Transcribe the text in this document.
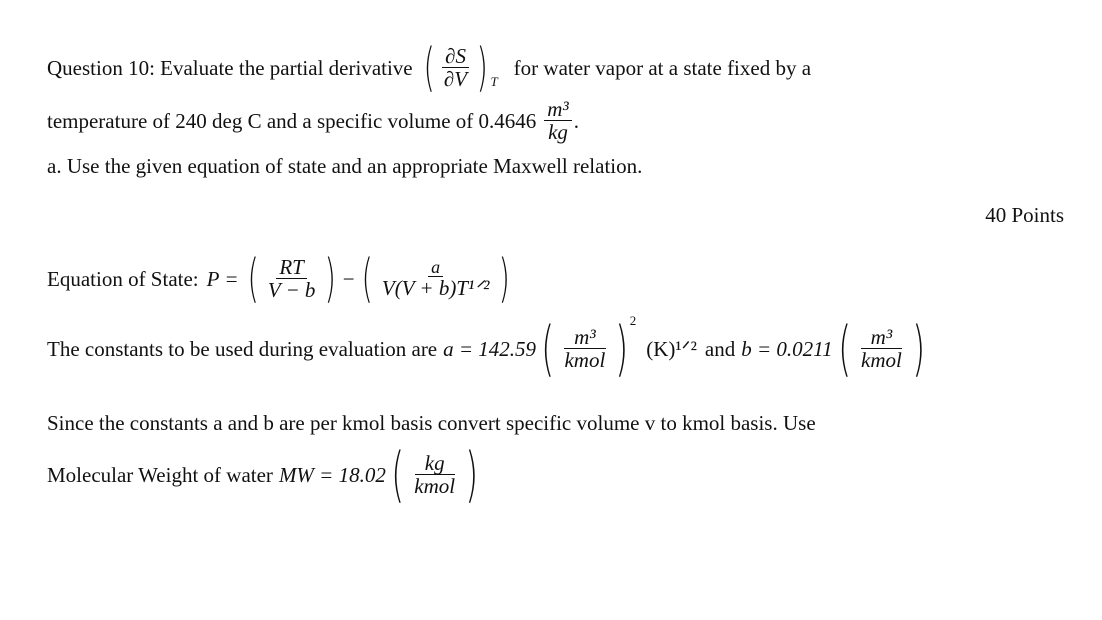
Question 10: Evaluate the partial derivative ( $\frac{\partial S}{\partial V}$ ) T
for water vapor at a state fixed by a
temperature of 240 deg C and a specific volume of $0.4646 \frac{\text{m³}}{kg}$ .
a. Use the given equation of state and an appropriate Maxwell relation.
40 Points
Equation of State: P = ( $\frac{RT}{V - b}$ ) − ( $\frac{a}{\text{V(V + b)T¹ᐟ²}}$ )
The constants to be used during evaluation are a = 142.59 ( $\frac{\text{m³}}{\text{kmol}}$ ) 2
(K)¹ᐟ² and b = 0.0211 ( $\frac{\text{m³}}{\text{kmol}}$ )
Since the constants a and b are per kmol basis convert specific volume v to kmol basis. Use
Molecular Weight of water MW = 18.02 ( $\frac{kg}{\text{kmol}}$ )
